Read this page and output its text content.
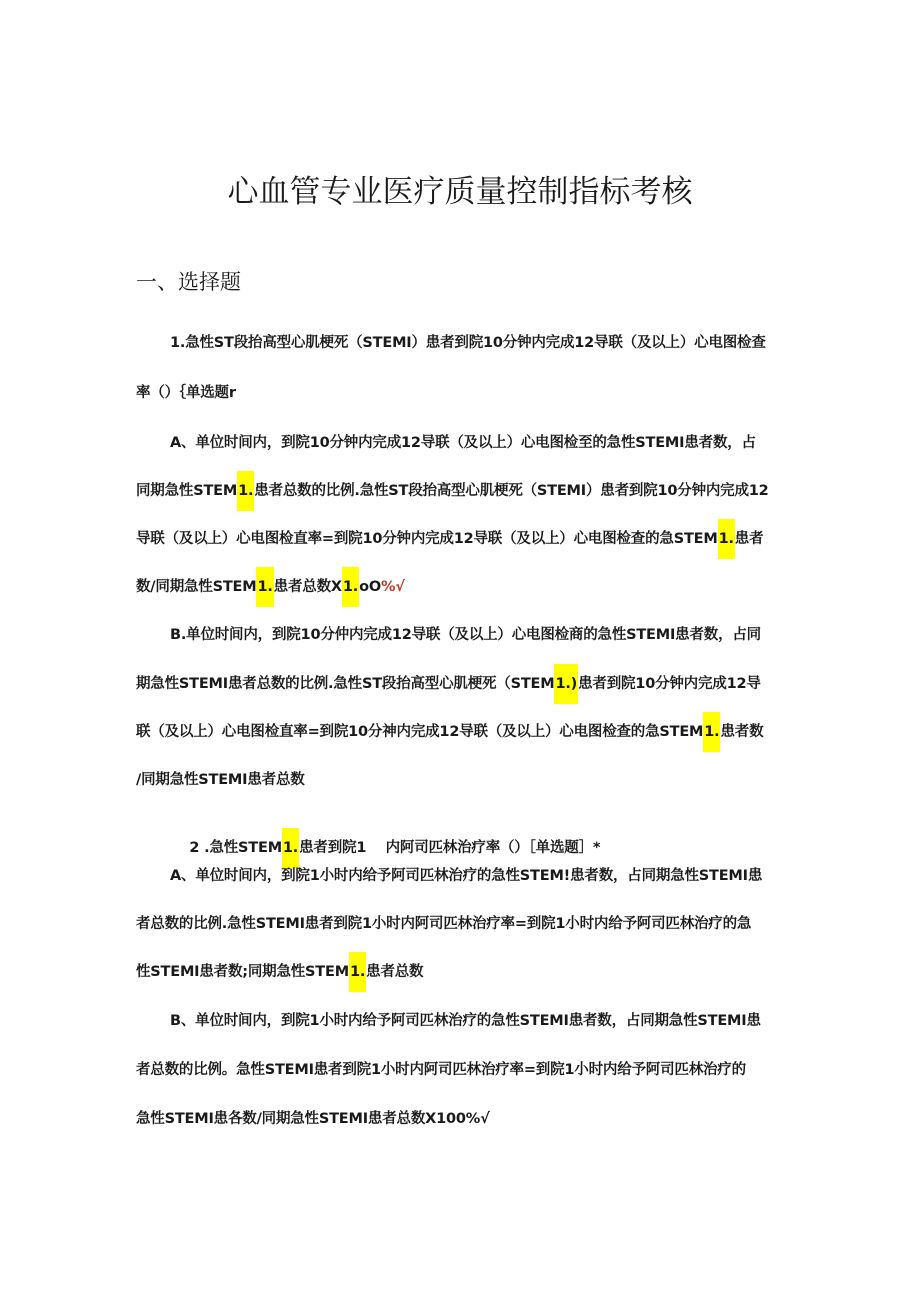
心血管专业医疗质量控制指标考核
一、选择题
1.急性ST段抬高型心肌梗死（STEMI）患者到院10分钟内完成12导联（及以上）心电图检查
率（）｛单选题r
A、单位时间内，到院10分钟内完成12导联（及以上）心电图检至的急性STEMI患者数，占
同期急性STEM1.患者总数的比例.急性ST段抬高型心肌梗死（STEMI）患者到院10分钟内完成12
导联（及以上）心电图检直率=到院10分钟内完成12导联（及以上）心电图检查的急STEM1.患者
数/同期急性STEM1.患者总数X1.oO%√
B.单位时间内，到院10分仲内完成12导联（及以上）心电图检商的急性STEMI患者数，占同
期急性STEMI患者总数的比例.急性ST段抬高型心肌梗死（STEM1.)患者到院10分钟内完成12导
联（及以上）心电图检直率=到院10分神内完成12导联（及以上）心电图检查的急STEM1.患者数
/同期急性STEMI患者总数

2 .急性STEM1.患者到院1    内阿司匹林治疗率（）［单选题］*

A、单位时间内，到院1小时内给予阿司匹林治疗的急性STEM!患者数，占同期急性STEMI患
者总数的比例.急性STEMI患者到院1小时内阿司匹林治疗率=到院1小时内给予阿司匹林治疗的急
性STEMI患者数;同期急性STEM1.患者总数
B、单位时间内，到院1小时内给予阿司匹林治疗的急性STEMI患者数，占同期急性STEMI患
者总数的比例。急性STEMI患者到院1小时内阿司匹林治疗率=到院1小时内给予阿司匹林治疗的
急性STEMI患各数/同期急性STEMI患者总数X100%√
